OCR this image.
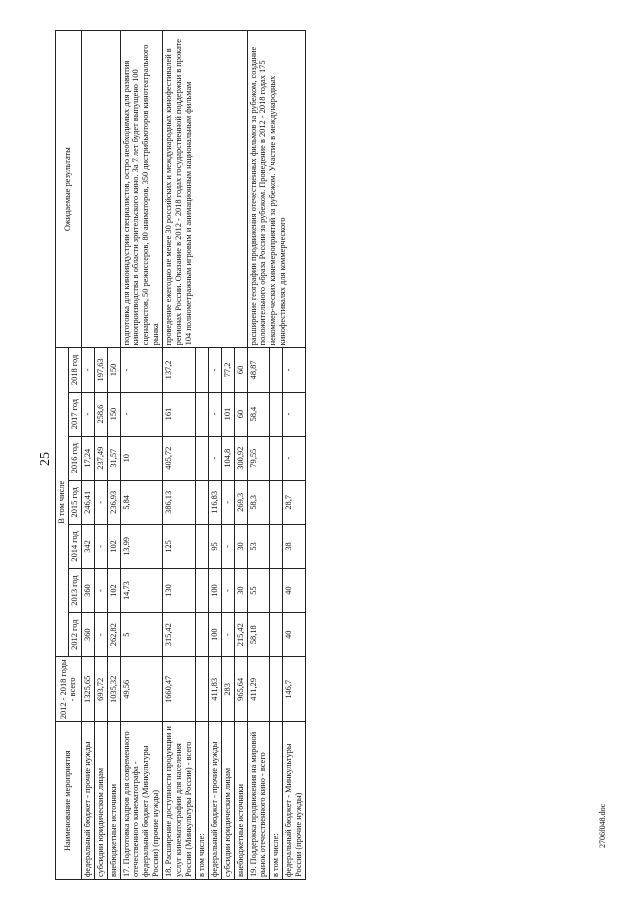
25
Наименование мероприятия	2012 - 2018 годы - всего	В том числе							Ожидаемые результаты
		2012 год	2013 год	2014 год	2015 год	2016 год	2017 год	2018 год	
федеральный бюджет - прочие нужды	1325,65	360	360	342	246,41	17,24	-	-	
субсидии юридическим лицам	693,72	-	-	-	-	237,49	258,6	197,63	
внебюджетные источники	1035,32	262,82	102	102	236,93	31,57	150	150	
17. Подготовка кадров для современного отечественного кинематографа - федеральный бюджет (Минкультуры России) (прочие нужды)	49,56	5	14,73	13,99	5,84	10	-	-	подготовка для киноиндустрии специалистов, остро необходимых для развития кинопроизводства в области зрительского кино. За 7 лет будет выпущено 100 сценаристов, 50 режиссеров, 80 аниматоров, 350 дистрибьюторов кинотеатрального рынка
18. Расширение доступности продукции и услуг кинематографии для населения России (Минкультуры России) - всего	1660,47	315,42	130	125	386,13	405,72	161	137,2	проведение ежегодно не менее 30 российских и международных кинофестивалей в регионах России. Оказание в 2012 - 2018 годах государственной поддержки в прокате 104 полнометражным игровым и анимационным национальным фильмам
в том числе:									
федеральный бюджет - прочие нужды	411,83	100	100	95	116,83	-	-	-	
субсидии юридическим лицам	283	-	-	-	-	104,8	101	77,2	
внебюджетные источники	965,64	215,42	30	30	269,3	300,92	60	60	
19. Поддержка продвижения на мировой рынок отечественного кино - всего	411,29	58,18	55	53	58,3	79,55	58,4	48,87	расширение географии продвижения отечественных фильмов за рубежом, создание положительного образа России за рубежом. Проведение в 2012 - 2018 годах 175 некоммер-ческих кинемероприятий за рубежом. Участие в международных кинофестивалях для коммерческого
в том числе:									
федеральный бюджет - Минкультуры России (прочие нужды)	146,7	40	40	38	28,7	-	-	-	
2706f048.doc
